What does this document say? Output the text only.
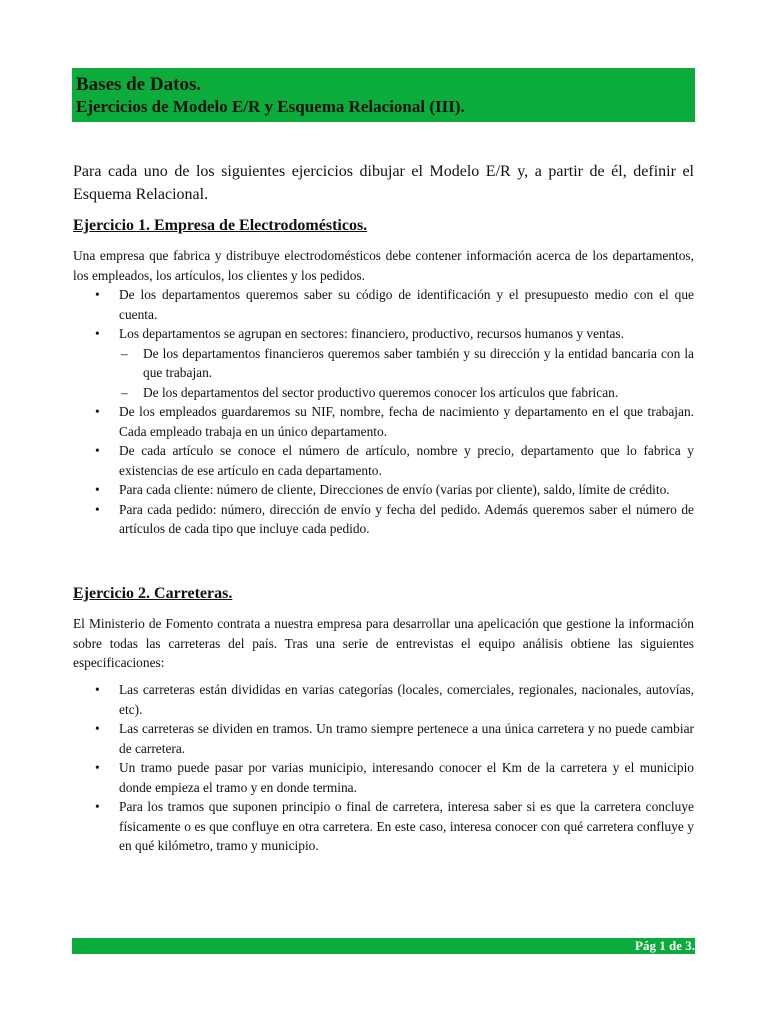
Bases de Datos.
Ejercicios de Modelo E/R y Esquema Relacional (III).
Para cada uno de los siguientes ejercicios dibujar el Modelo E/R y, a partir de él, definir el Esquema Relacional.
Ejercicio 1. Empresa de Electrodomésticos.
Una empresa que fabrica y distribuye electrodomésticos debe contener información acerca de los departamentos, los empleados, los artículos, los clientes y los pedidos.
• De los departamentos queremos saber su código de identificación y el presupuesto medio con el que cuenta.
• Los departamentos se agrupan en sectores: financiero, productivo, recursos humanos y ventas.
– De los departamentos financieros queremos saber también y su dirección y la entidad bancaria con la que trabajan.
– De los departamentos del sector productivo queremos conocer los artículos que fabrican.
• De los empleados guardaremos su NIF, nombre, fecha de nacimiento y departamento en el que trabajan. Cada empleado trabaja en un único departamento.
• De cada artículo se conoce el número de artículo, nombre y precio, departamento que lo fabrica y existencias de ese artículo en cada departamento.
• Para cada cliente: número de cliente, Direcciones de envío (varias por cliente), saldo, límite de crédito.
• Para cada pedido: número, dirección de envío y fecha del pedido. Además queremos saber el número de artículos de cada tipo que incluye cada pedido.
Ejercicio 2. Carreteras.
El Ministerio de Fomento contrata a nuestra empresa para desarrollar una apelicación que gestione la información sobre todas las carreteras del país. Tras una serie de entrevistas el equipo análisis obtiene las siguientes especificaciones:
• Las carreteras están divididas en varias categorías (locales, comerciales, regionales, nacionales, autovías, etc).
• Las carreteras se dividen en tramos. Un tramo siempre pertenece a una única carretera y no puede cambiar de carretera.
• Un tramo puede pasar por varias municipio, interesando conocer el Km de la carretera y el municipio donde empieza el tramo y en donde termina.
• Para los tramos que suponen principio o final de carretera, interesa saber si es que la carretera concluye físicamente o es que confluye en otra carretera. En este caso, interesa conocer con qué carretera confluye y en qué kilómetro, tramo y municipio.
Pág 1 de 3.
